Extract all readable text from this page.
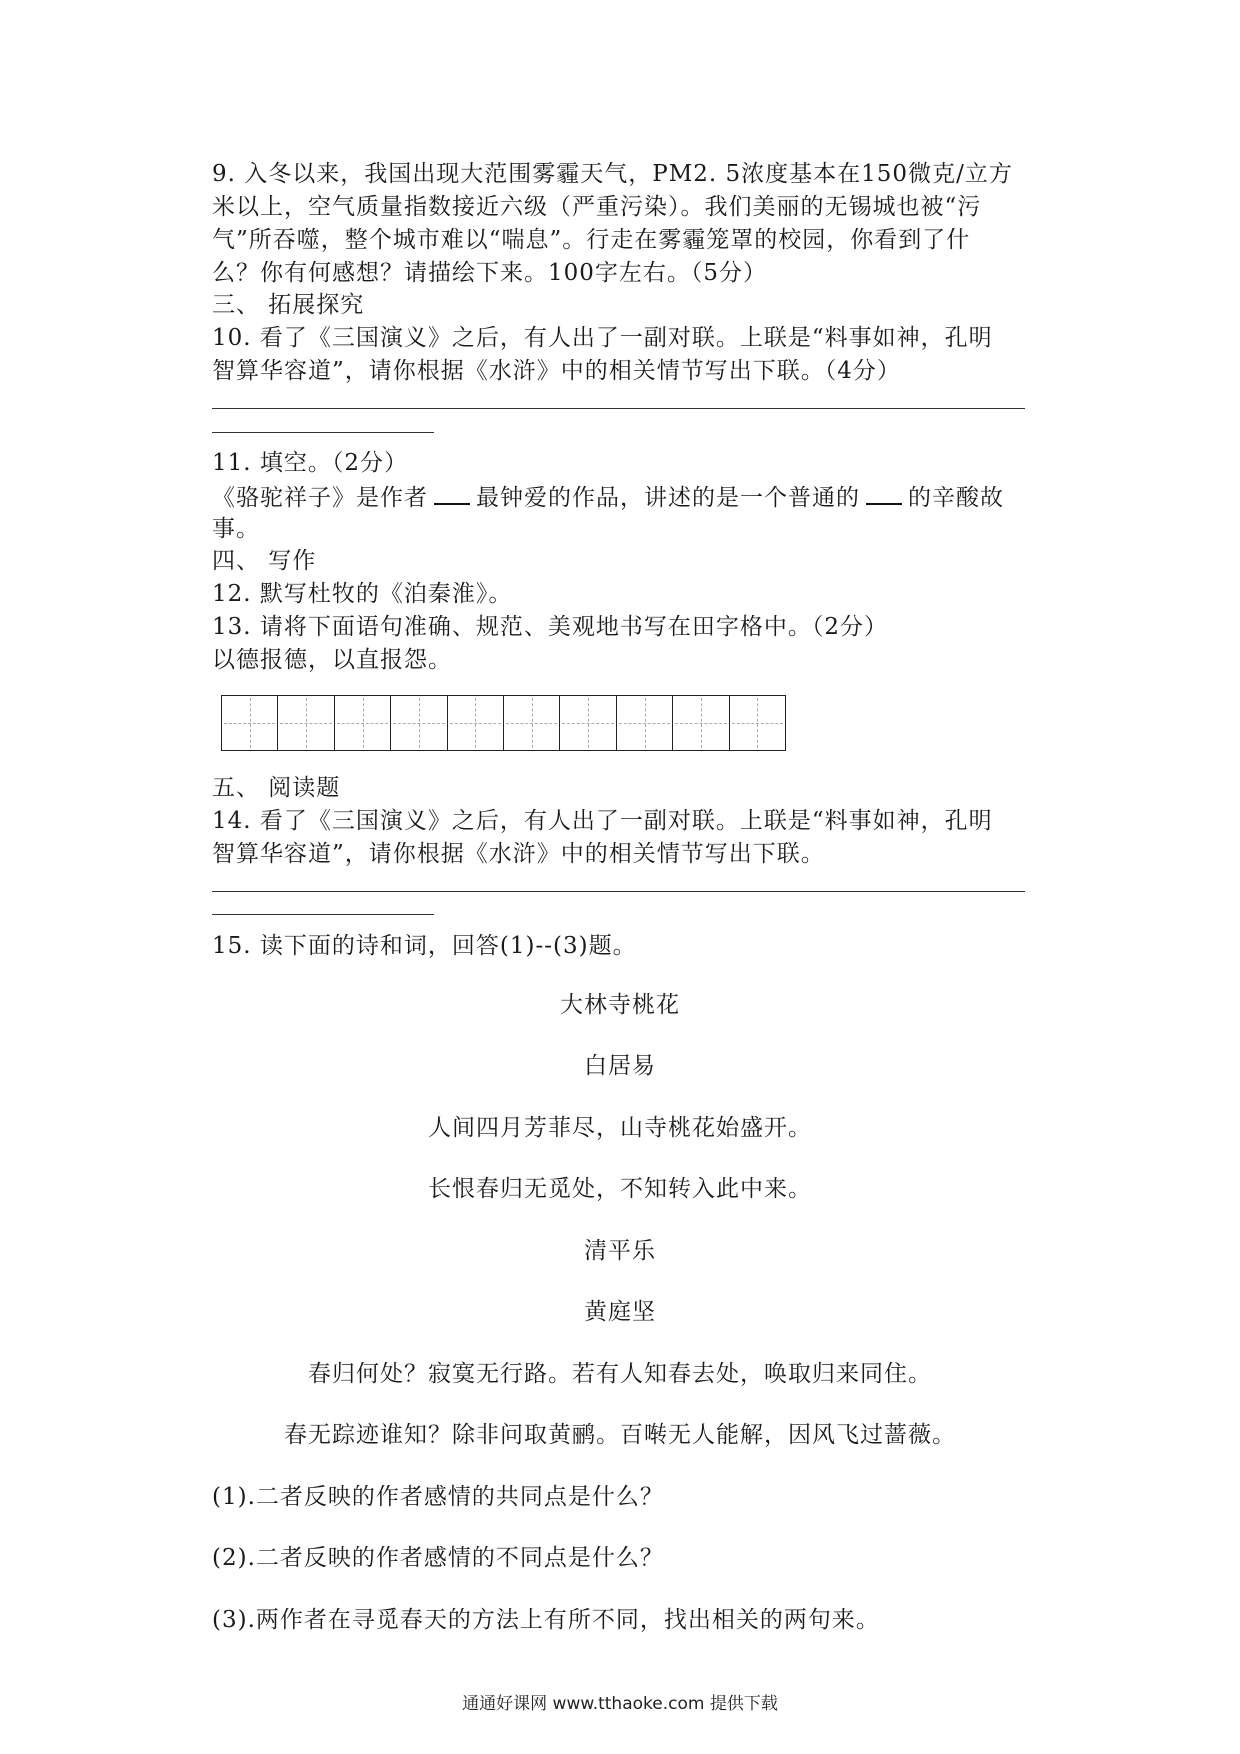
9. 入冬以来，我国出现大范围雾霾天气，PM2. 5浓度基本在150微克/立方
米以上，空气质量指数接近六级（严重污染）。我们美丽的无锡城也被“污
气”所吞噬，整个城市难以“喘息”。行走在雾霾笼罩的校园，你看到了什
么？你有何感想？请描绘下来。100字左右。（5分）
三、 拓展探究
10. 看了《三国演义》之后，有人出了一副对联。上联是“料事如神，孔明
智算华容道”，请你根据《水浒》中的相关情节写出下联。（4分）
11. 填空。（2分）
《骆驼祥子》是作者 最钟爱的作品，讲述的是一个普通的 的辛酸故
事。
四、 写作
12. 默写杜牧的《泊秦淮》。
13. 请将下面语句准确、规范、美观地书写在田字格中。（2分）
以德报德，以直报怨。
五、 阅读题
14. 看了《三国演义》之后，有人出了一副对联。上联是“料事如神，孔明
智算华容道”，请你根据《水浒》中的相关情节写出下联。
15. 读下面的诗和词，回答(1)--(3)题。
大林寺桃花
白居易
人间四月芳菲尽，山寺桃花始盛开。
长恨春归无觅处，不知转入此中来。
清平乐
黄庭坚
春归何处？寂寞无行路。若有人知春去处，唤取归来同住。
春无踪迹谁知？除非问取黄鹂。百啭无人能解，因风飞过蔷薇。
(1).二者反映的作者感情的共同点是什么？
(2).二者反映的作者感情的不同点是什么？
(3).两作者在寻觅春天的方法上有所不同，找出相关的两句来。
通通好课网 www.tthaoke.com 提供下载
